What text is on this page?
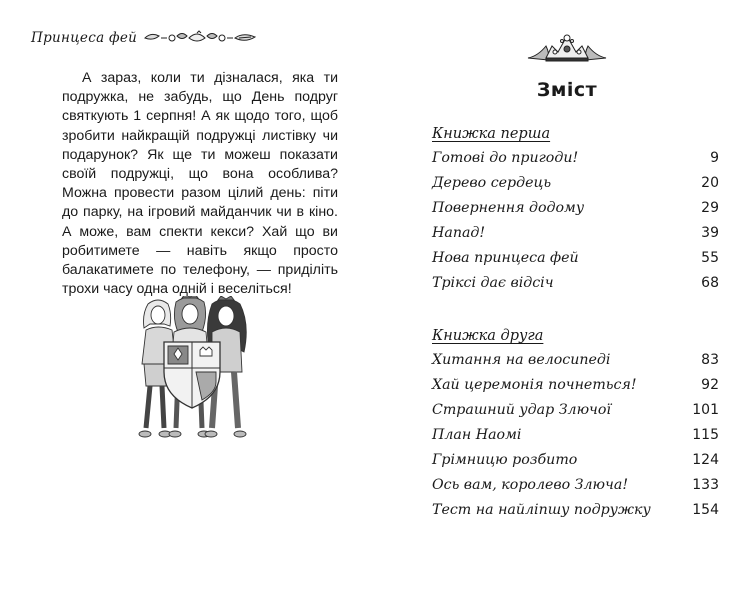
Принцеса фей

А зараз, коли ти дізналася, яка ти подружка, не забудь, що День подруг святкують 1 серпня! А як щодо того, щоб зробити найкращій подружці листівку чи подарунок? Як ще ти можеш показати своїй подружці, що вона особлива? Можна провести разом цілий день: піти до парку, на ігровий майданчик чи в кіно. А може, вам спекти кекси? Хай що ви робитимете — навіть якщо просто балакатимете по телефону, — приділіть трохи часу одна одній і веселіться!

Зміст
Книжка перша
Готові до пригоди!	9
Дерево сердець	20
Повернення додому	29
Напад!	39
Нова принцеса фей	55
Тріксі дає відсіч	68
Книжка друга
Хитання на велосипеді	83
Хай церемонія почнеться!	92
Страшний удар Злючої	101
План Наомі	115
Грімницю розбито	124
Ось вам, королево Злюча!	133
Тест на найліпшу подружку	154
